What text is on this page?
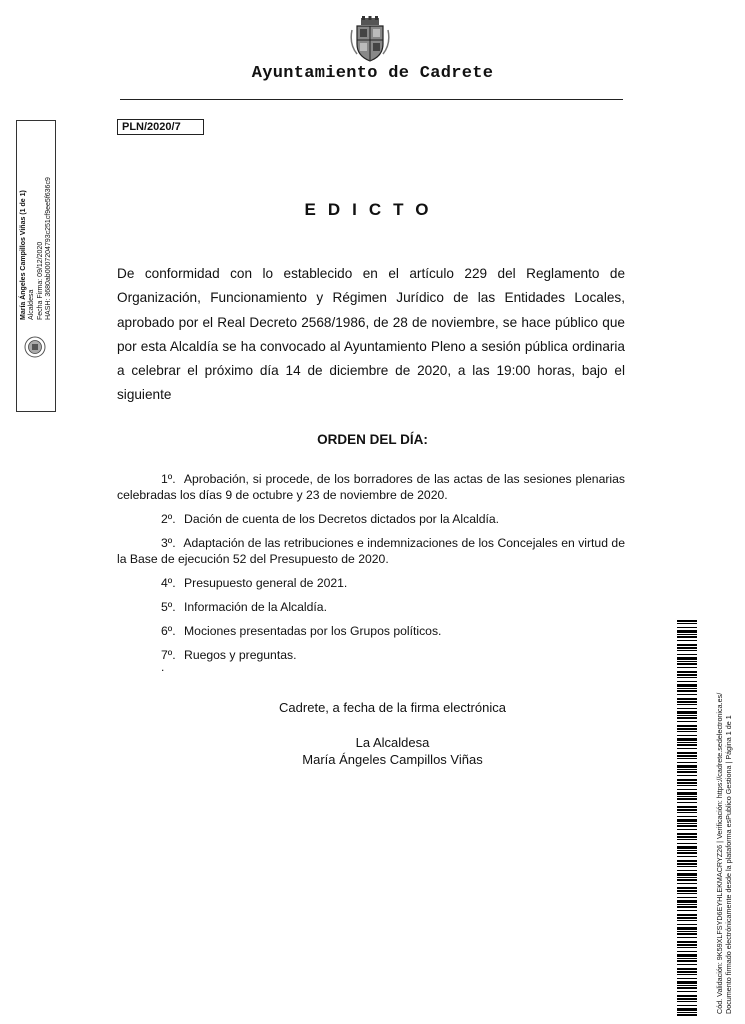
Ayuntamiento de Cadrete
PLN/2020/7
María Ángeles Campillos Viñas (1 de 1) Alcaldesa Fecha Firma: 09/12/2020 HASH: 3680ab0007204793c251cf9ee5f636c9	EDICTO

De conformidad con lo establecido en el artículo 229 del Reglamento de Organización, Funcionamiento y Régimen Jurídico de las Entidades Locales, aprobado por el Real Decreto 2568/1986, de 28 de noviembre, se hace público que por esta Alcaldía se ha convocado al Ayuntamiento Pleno a sesión pública ordinaria a celebrar el próximo día 14 de diciembre de 2020, a las 19:00 horas, bajo el siguiente

ORDEN DEL DÍA:
1º. Aprobación, si procede, de los borradores de las actas de las sesiones plenarias celebradas los días 9 de octubre y 23 de noviembre de 2020.
2º. Dación de cuenta de los Decretos dictados por la Alcaldía.
3º. Adaptación de las retribuciones e indemnizaciones de los Concejales en virtud de la Base de ejecución 52 del Presupuesto de 2020.
4º. Presupuesto general de 2021.
5º. Información de la Alcaldía.
6º. Mociones presentadas por los Grupos políticos.
7º. Ruegos y preguntas.
.
Cadrete, a fecha de la firma electrónica
La Alcaldesa
María Ángeles Campillos Viñas	Cód. Validación: 9K59XLFSYD6EYHLEKMACRYZ26 | Verificación: https://cadrete.sedelectronica.es/ Documento firmado electrónicamente desde la plataforma esPublico Gestiona | Página 1 de 1
